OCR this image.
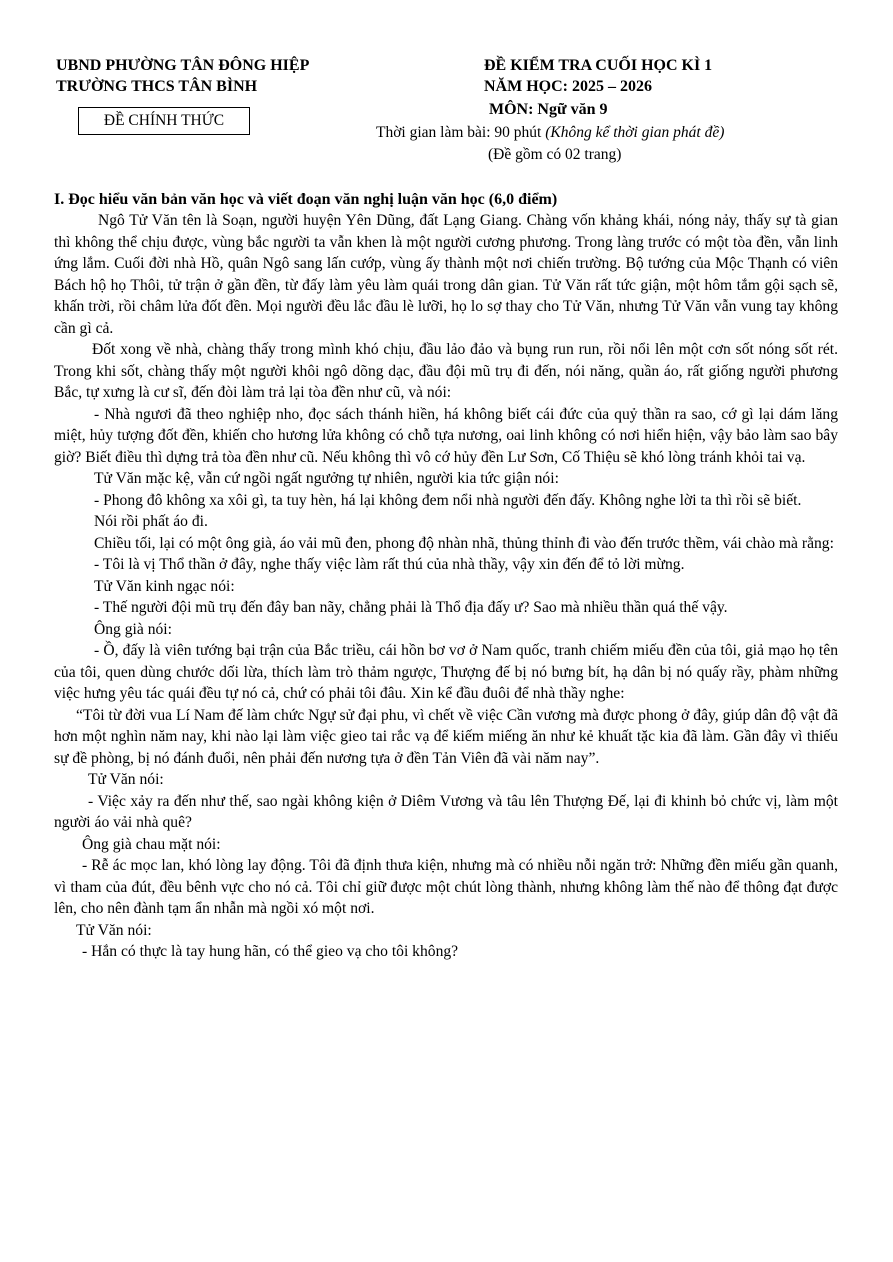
UBND PHƯỜNG TÂN ĐÔNG HIỆP
TRƯỜNG THCS TÂN BÌNH
ĐỀ CHÍNH THỨC
ĐỀ KIỂM TRA CUỐI HỌC KÌ 1
NĂM HỌC: 2025 – 2026
MÔN: Ngữ văn 9
Thời gian làm bài: 90 phút (Không kể thời gian phát đề)
(Đề gồm có 02 trang)
I. Đọc hiểu văn bản văn học và viết đoạn văn nghị luận văn học (6,0 điểm)

Ngô Tử Văn tên là Soạn, người huyện Yên Dũng, đất Lạng Giang. Chàng vốn khảng khái, nóng nảy, thấy sự tà gian thì không thể chịu được, vùng bắc người ta vẫn khen là một người cương phương. Trong làng trước có một tòa đền, vẫn linh ứng lắm. Cuối đời nhà Hồ, quân Ngô sang lấn cướp, vùng ấy thành một nơi chiến trường. Bộ tướng của Mộc Thạnh có viên Bách hộ họ Thôi, tử trận ở gần đền, từ đấy làm yêu làm quái trong dân gian. Tử Văn rất tức giận, một hôm tắm gội sạch sẽ, khấn trời, rồi châm lửa đốt đền. Mọi người đều lắc đầu lè lưỡi, họ lo sợ thay cho Tử Văn, nhưng Tử Văn vẫn vung tay không cần gì cả.

Đốt xong về nhà, chàng thấy trong mình khó chịu, đầu lảo đảo và bụng run run, rồi nổi lên một cơn sốt nóng sốt rét. Trong khi sốt, chàng thấy một người khôi ngô dõng dạc, đầu đội mũ trụ đi đến, nói năng, quần áo, rất giống người phương Bắc, tự xưng là cư sĩ, đến đòi làm trả lại tòa đền như cũ, và nói:

- Nhà ngươi đã theo nghiệp nho, đọc sách thánh hiền, há không biết cái đức của quỷ thần ra sao, cớ gì lại dám lăng miệt, hủy tượng đốt đền, khiến cho hương lửa không có chỗ tựa nương, oai linh không có nơi hiển hiện, vậy bảo làm sao bây giờ? Biết điều thì dựng trả tòa đền như cũ. Nếu không thì vô cớ hủy đền Lư Sơn, Cố Thiệu sẽ khó lòng tránh khỏi tai vạ.

Tử Văn mặc kệ, vẫn cứ ngồi ngất ngưởng tự nhiên, người kia tức giận nói:

- Phong đô không xa xôi gì, ta tuy hèn, há lại không đem nổi nhà người đến đấy. Không nghe lời ta thì rồi sẽ biết.

Nói rồi phất áo đi.

Chiều tối, lại có một ông già, áo vải mũ đen, phong độ nhàn nhã, thủng thỉnh đi vào đến trước thềm, vái chào mà rằng:

- Tôi là vị Thổ thần ở đây, nghe thấy việc làm rất thú của nhà thầy, vậy xin đến để tỏ lời mừng.

Tử Văn kinh ngạc nói:

- Thế người đội mũ trụ đến đây ban nãy, chẳng phải là Thổ địa đấy ư? Sao mà nhiều thần quá thế vậy.

Ông già nói:

- Ồ, đấy là viên tướng bại trận của Bắc triều, cái hồn bơ vơ ở Nam quốc, tranh chiếm miếu đền của tôi, giả mạo họ tên của tôi, quen dùng chước dối lừa, thích làm trò thảm ngược, Thượng đế bị nó bưng bít, hạ dân bị nó quấy rầy, phàm những việc hưng yêu tác quái đều tự nó cả, chứ có phải tôi đâu. Xin kể đầu đuôi để nhà thầy nghe:

“Tôi từ đời vua Lí Nam đế làm chức Ngự sử đại phu, vì chết về việc Cần vương mà được phong ở đây, giúp dân độ vật đã hơn một nghìn năm nay, khi nào lại làm việc gieo tai rắc vạ để kiếm miếng ăn như kẻ khuất tặc kia đã làm. Gần đây vì thiếu sự đề phòng, bị nó đánh đuổi, nên phải đến nương tựa ở đền Tản Viên đã vài năm nay”.

Tử Văn nói:

- Việc xảy ra đến như thế, sao ngài không kiện ở Diêm Vương và tâu lên Thượng Đế, lại đi khinh bỏ chức vị, làm một người áo vải nhà quê?

Ông già chau mặt nói:

- Rễ ác mọc lan, khó lòng lay động. Tôi đã định thưa kiện, nhưng mà có nhiều nỗi ngăn trở: Những đền miếu gần quanh, vì tham của đút, đều bênh vực cho nó cả. Tôi chỉ giữ được một chút lòng thành, nhưng không làm thế nào để thông đạt được lên, cho nên đành tạm ẩn nhẫn mà ngồi xó một nơi.

Tử Văn nói:

- Hắn có thực là tay hung hãn, có thể gieo vạ cho tôi không?
